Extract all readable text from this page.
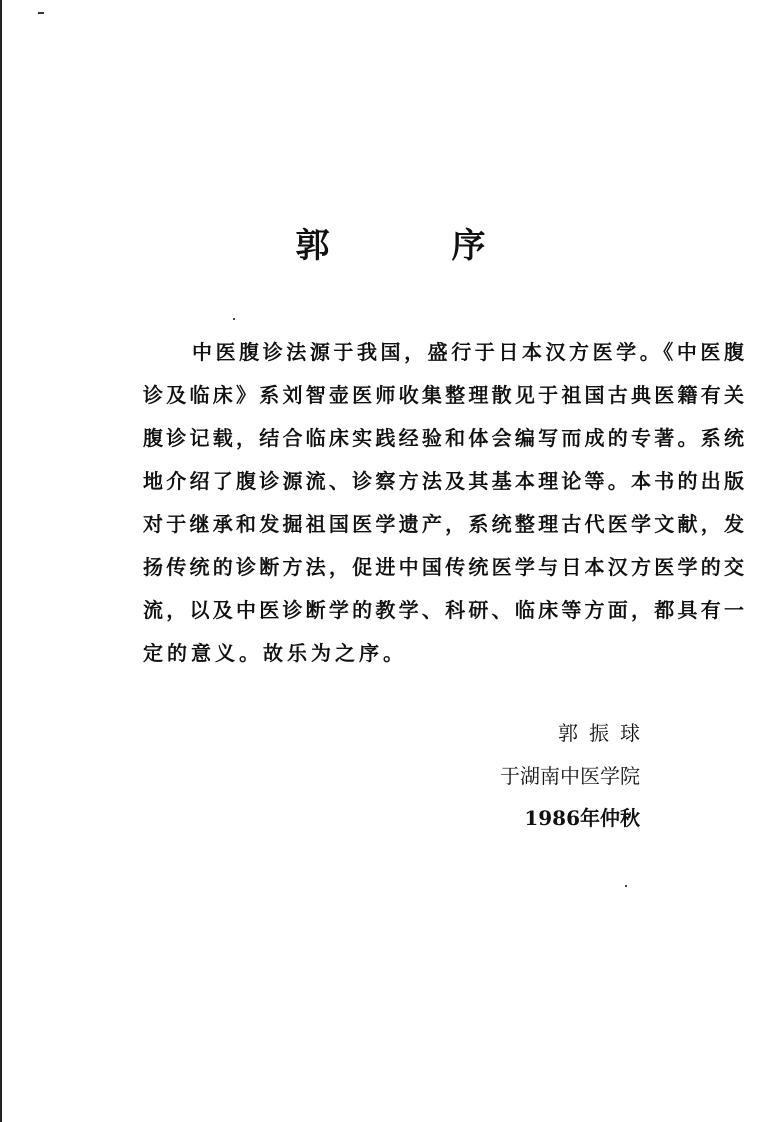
郭　序
中医腹诊法源于我国，盛行于日本汉方医学。《中医腹
诊及临床》系刘智壶医师收集整理散见于祖国古典医籍有关
腹诊记载，结合临床实践经验和体会编写而成的专著。系统
地介绍了腹诊源流、诊察方法及其基本理论等。本书的出版
对于继承和发掘祖国医学遗产，系统整理古代医学文献，发
扬传统的诊断方法，促进中国传统医学与日本汉方医学的交
流，以及中医诊断学的教学、科研、临床等方面，都具有一
定的意义。故乐为之序。
郭振球
于湖南中医学院
1986年仲秋
